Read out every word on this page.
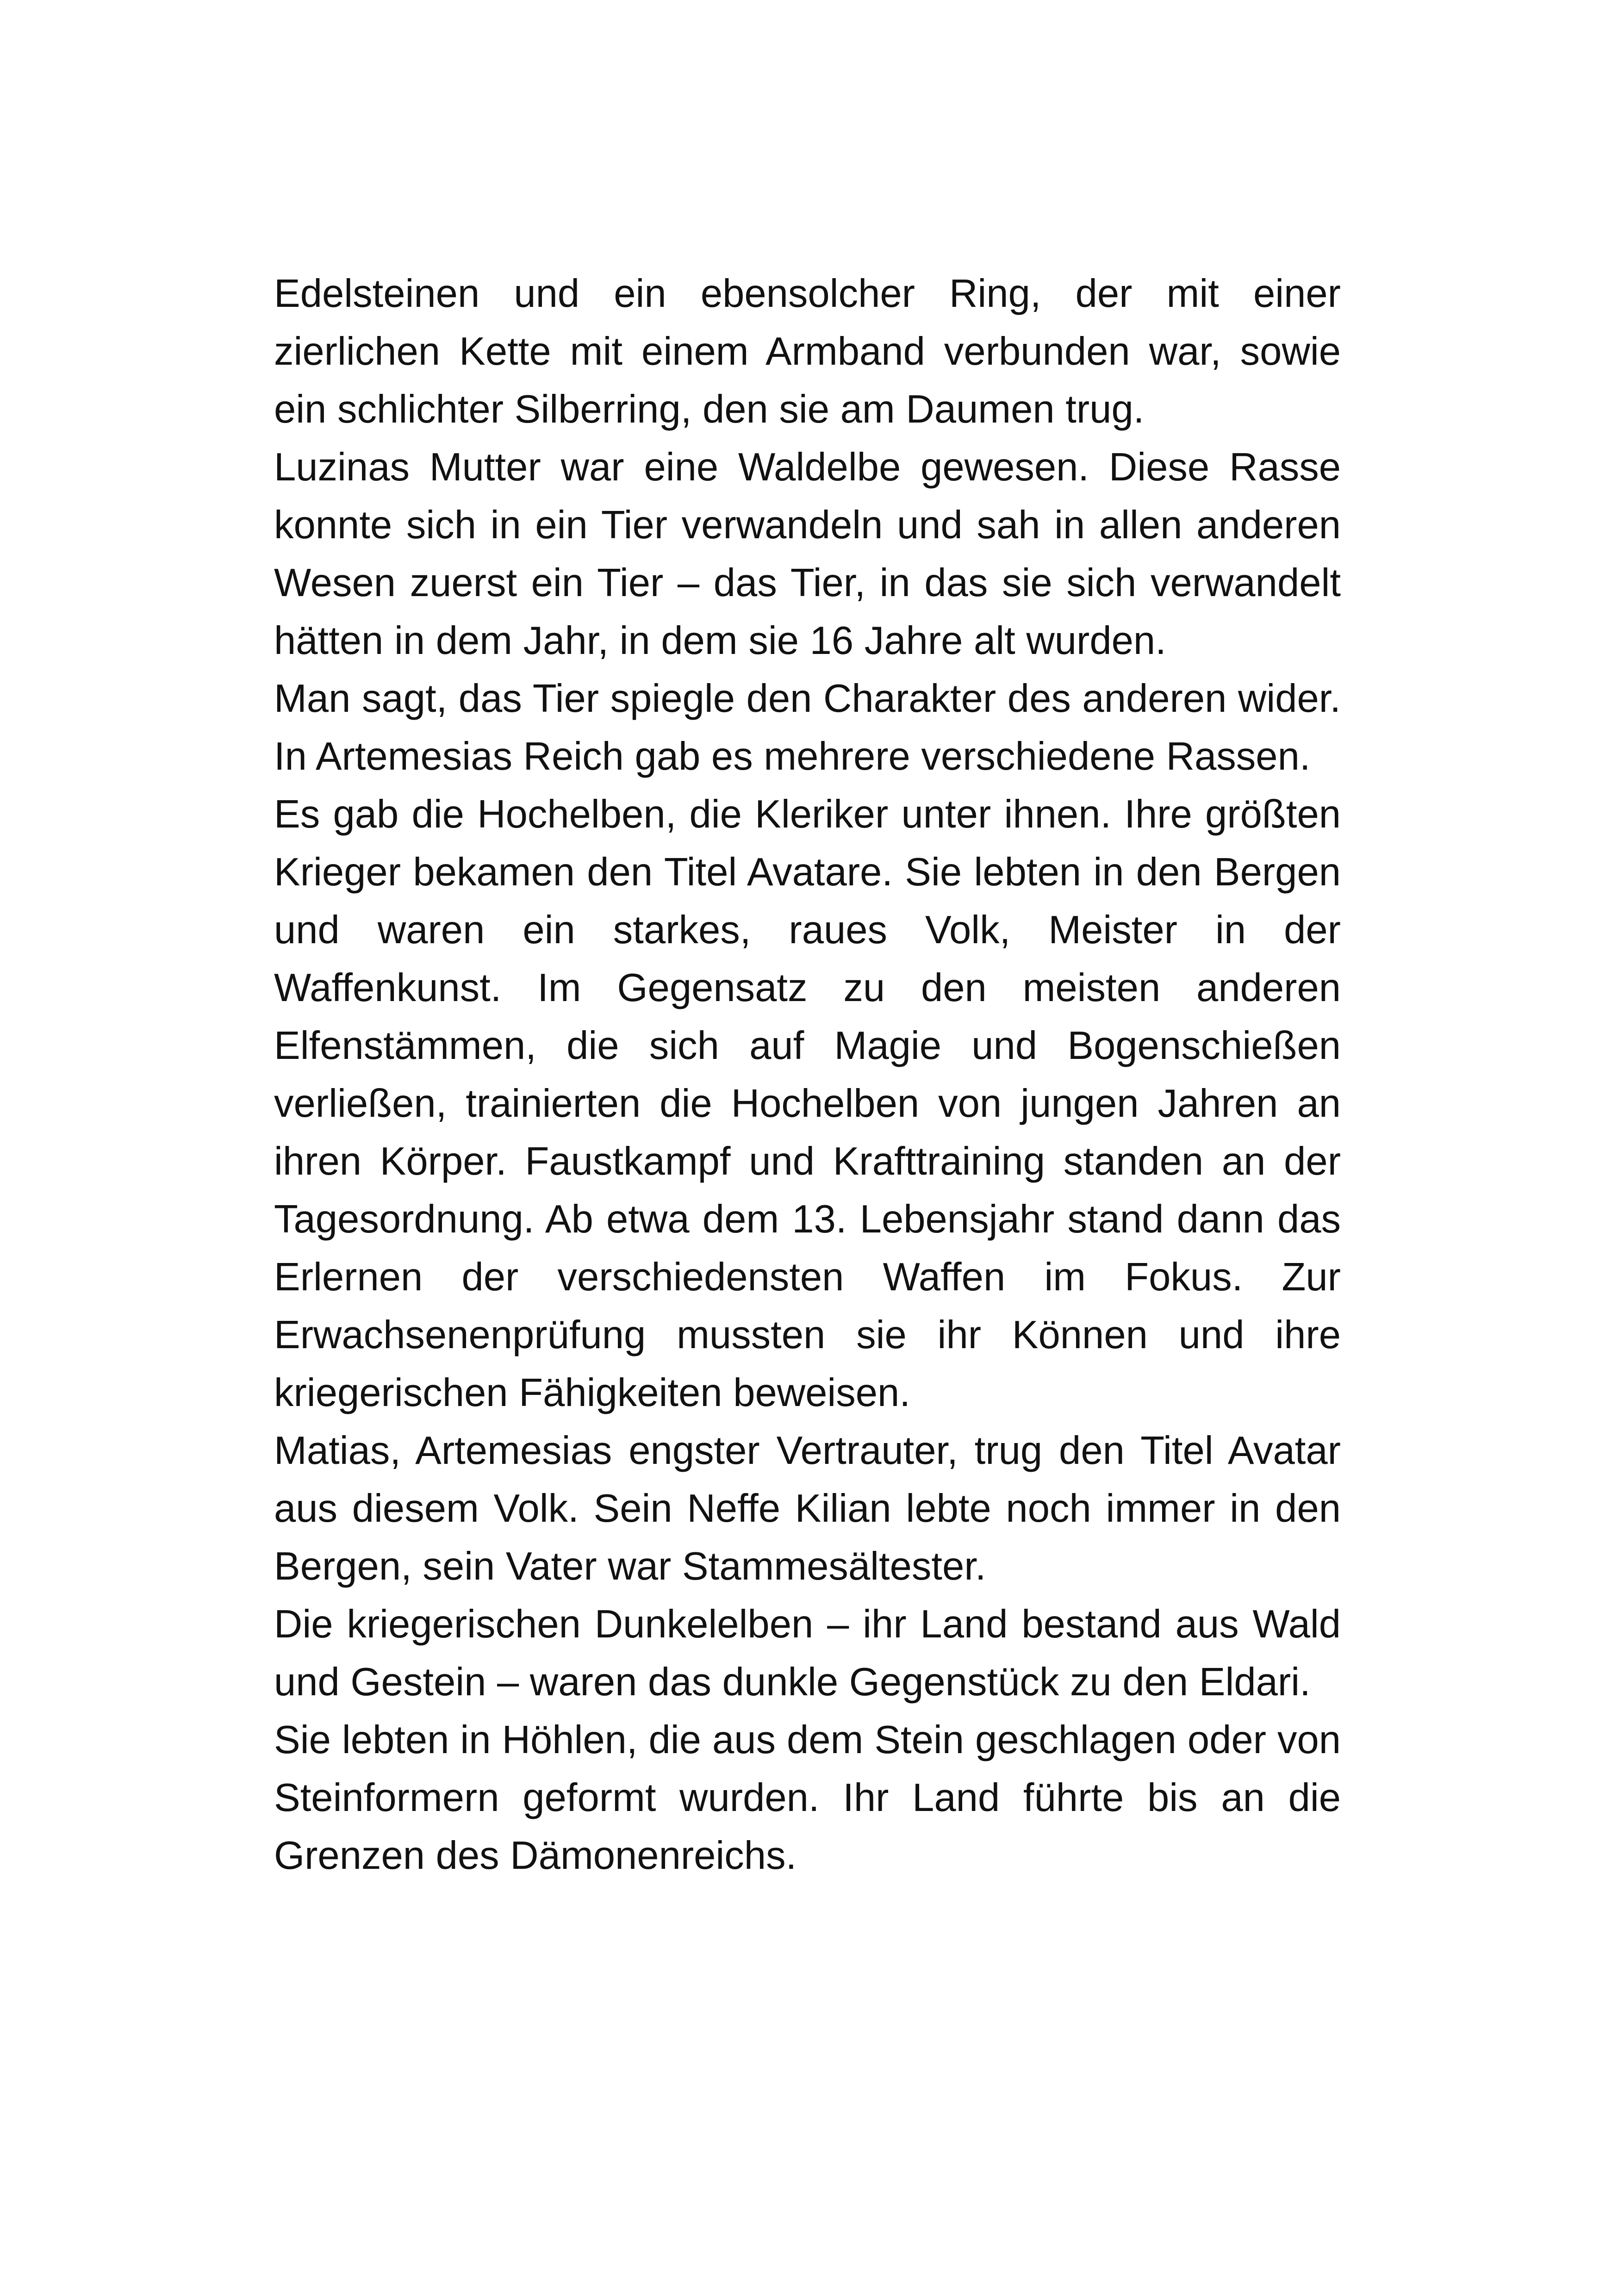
Edelsteinen und ein ebensolcher Ring, der mit einer zierlichen Kette mit einem Armband verbunden war, sowie ein schlichter Silberring, den sie am Daumen trug.

Luzinas Mutter war eine Waldelbe gewesen. Diese Rasse konnte sich in ein Tier verwandeln und sah in allen anderen Wesen zuerst ein Tier – das Tier, in das sie sich verwandelt hätten in dem Jahr, in dem sie 16 Jahre alt wurden.

Man sagt, das Tier spiegle den Charakter des anderen wider. In Artemesias Reich gab es mehrere verschiedene Rassen.

Es gab die Hochelben, die Kleriker unter ihnen. Ihre größten Krieger bekamen den Titel Avatare. Sie lebten in den Bergen und waren ein starkes, raues Volk, Meister in der Waffenkunst. Im Gegensatz zu den meisten anderen Elfenstämmen, die sich auf Magie und Bogenschießen verließen, trainierten die Hochelben von jungen Jahren an ihren Körper. Faustkampf und Krafttraining standen an der Tagesordnung. Ab etwa dem 13. Lebensjahr stand dann das Erlernen der verschiedensten Waffen im Fokus. Zur Erwachsenenprüfung mussten sie ihr Können und ihre kriegerischen Fähigkeiten beweisen.

Matias, Artemesias engster Vertrauter, trug den Titel Avatar aus diesem Volk. Sein Neffe Kilian lebte noch immer in den Bergen, sein Vater war Stammesältester.

Die kriegerischen Dunkelelben – ihr Land bestand aus Wald und Gestein – waren das dunkle Gegenstück zu den Eldari.

Sie lebten in Höhlen, die aus dem Stein geschlagen oder von Steinformern geformt wurden. Ihr Land führte bis an die Grenzen des Dämonenreichs.
